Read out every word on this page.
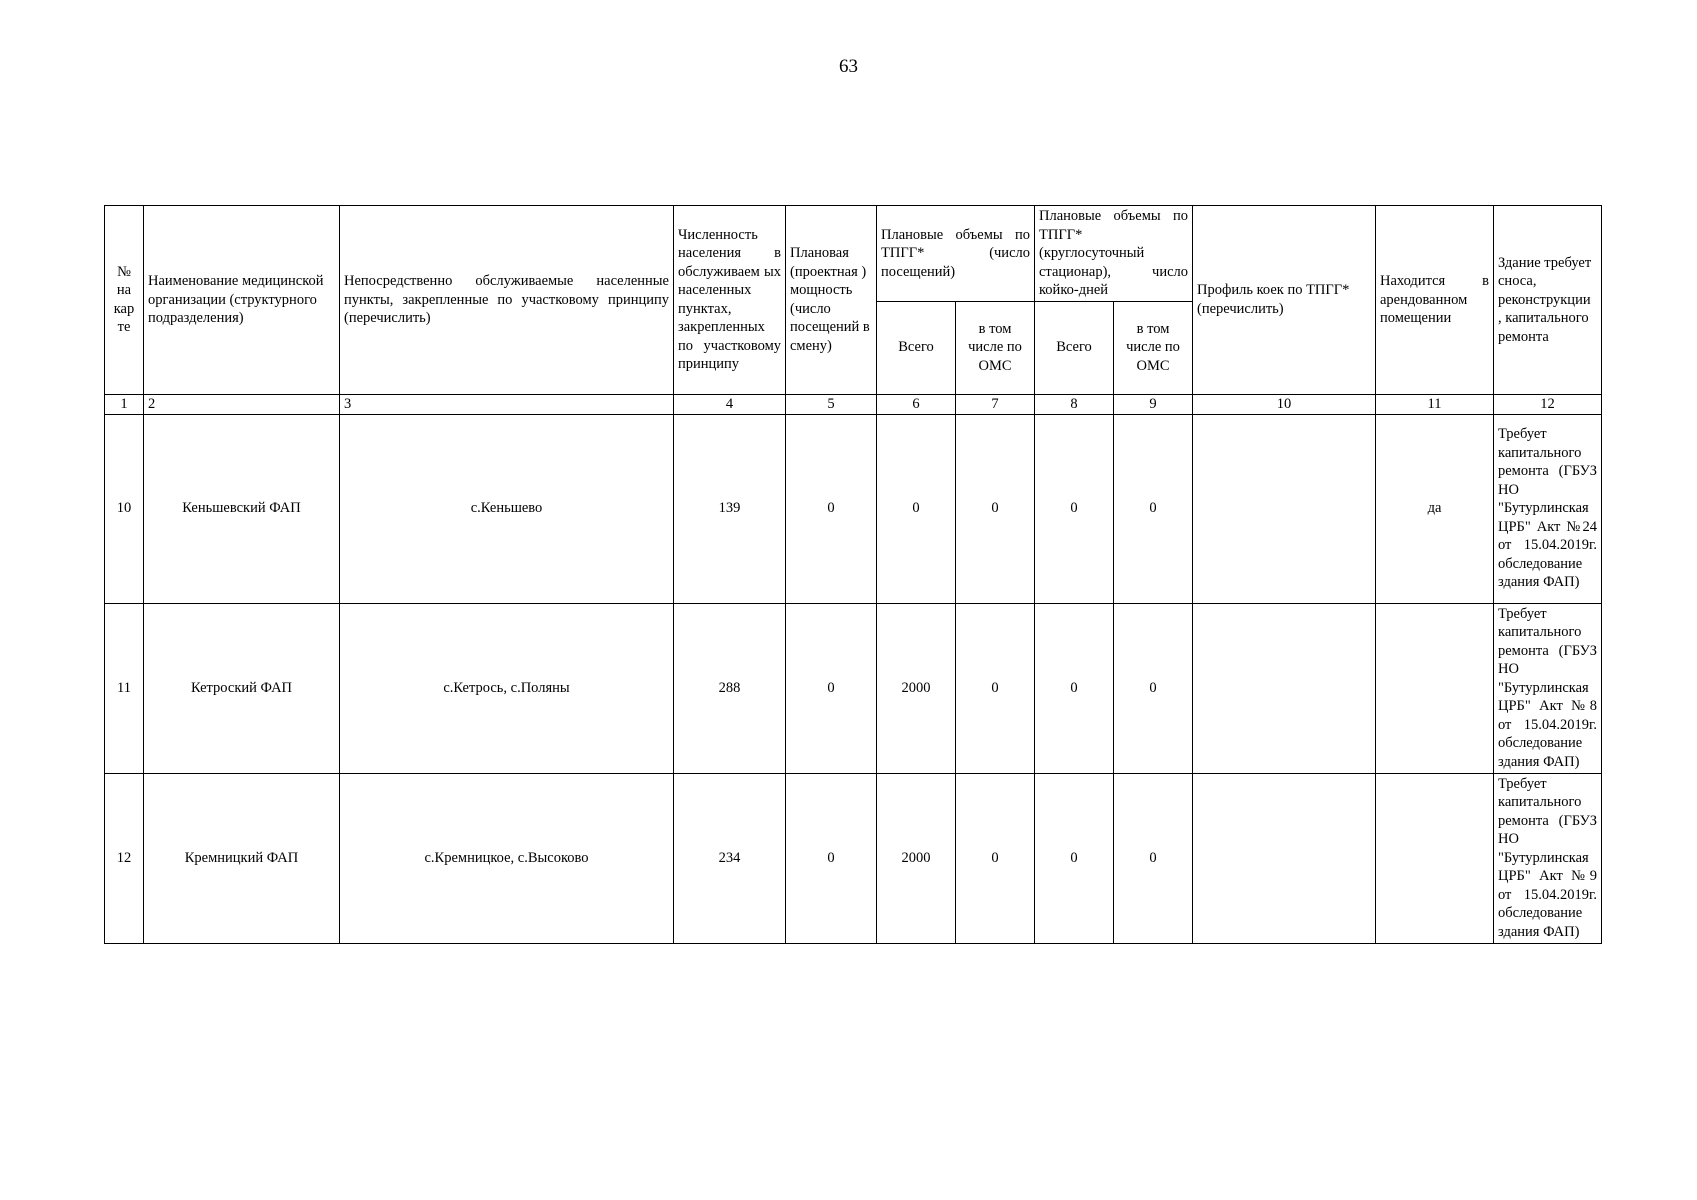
63
№ на кар те	Наименование медицинской организации (структурного подразделения)	Непосредственно обслуживаемые населенные пункты, закрепленные по участковому принципу (перечислить)	Численность населения в обслуживаем ых населенных пунктах, закрепленных по участковому принципу	Плановая (проектная ) мощность (число посещений в смену)	Плановые объемы по ТПГГ* (число посещений)		Плановые объемы по ТПГГ* (круглосуточный стационар), число койко-дней		Профиль коек по ТПГГ* (перечислить)	Находится в арендованном помещении	Здание требует сноса, реконструкции , капитального ремонта
					Всего	в том числе по ОМС	Всего	в том числе по ОМС			
1	2	3	4	5	6	7	8	9	10	11	12
10	Кеньшевский ФАП	с.Кеньшево	139	0	0	0	0	0		да	Требует капитального ремонта (ГБУЗ НО "Бутурлинская ЦРБ" Акт №24 от 15.04.2019г. обследование здания ФАП)
11	Кетроский ФАП	с.Кетрось, с.Поляны	288	0	2000	0	0	0			Требует капитального ремонта (ГБУЗ НО "Бутурлинская ЦРБ" Акт №8 от 15.04.2019г. обследование здания ФАП)
12	Кремницкий ФАП	с.Кремницкое, с.Высоково	234	0	2000	0	0	0			Требует капитального ремонта (ГБУЗ НО "Бутурлинская ЦРБ" Акт №9 от 15.04.2019г. обследование здания ФАП)
